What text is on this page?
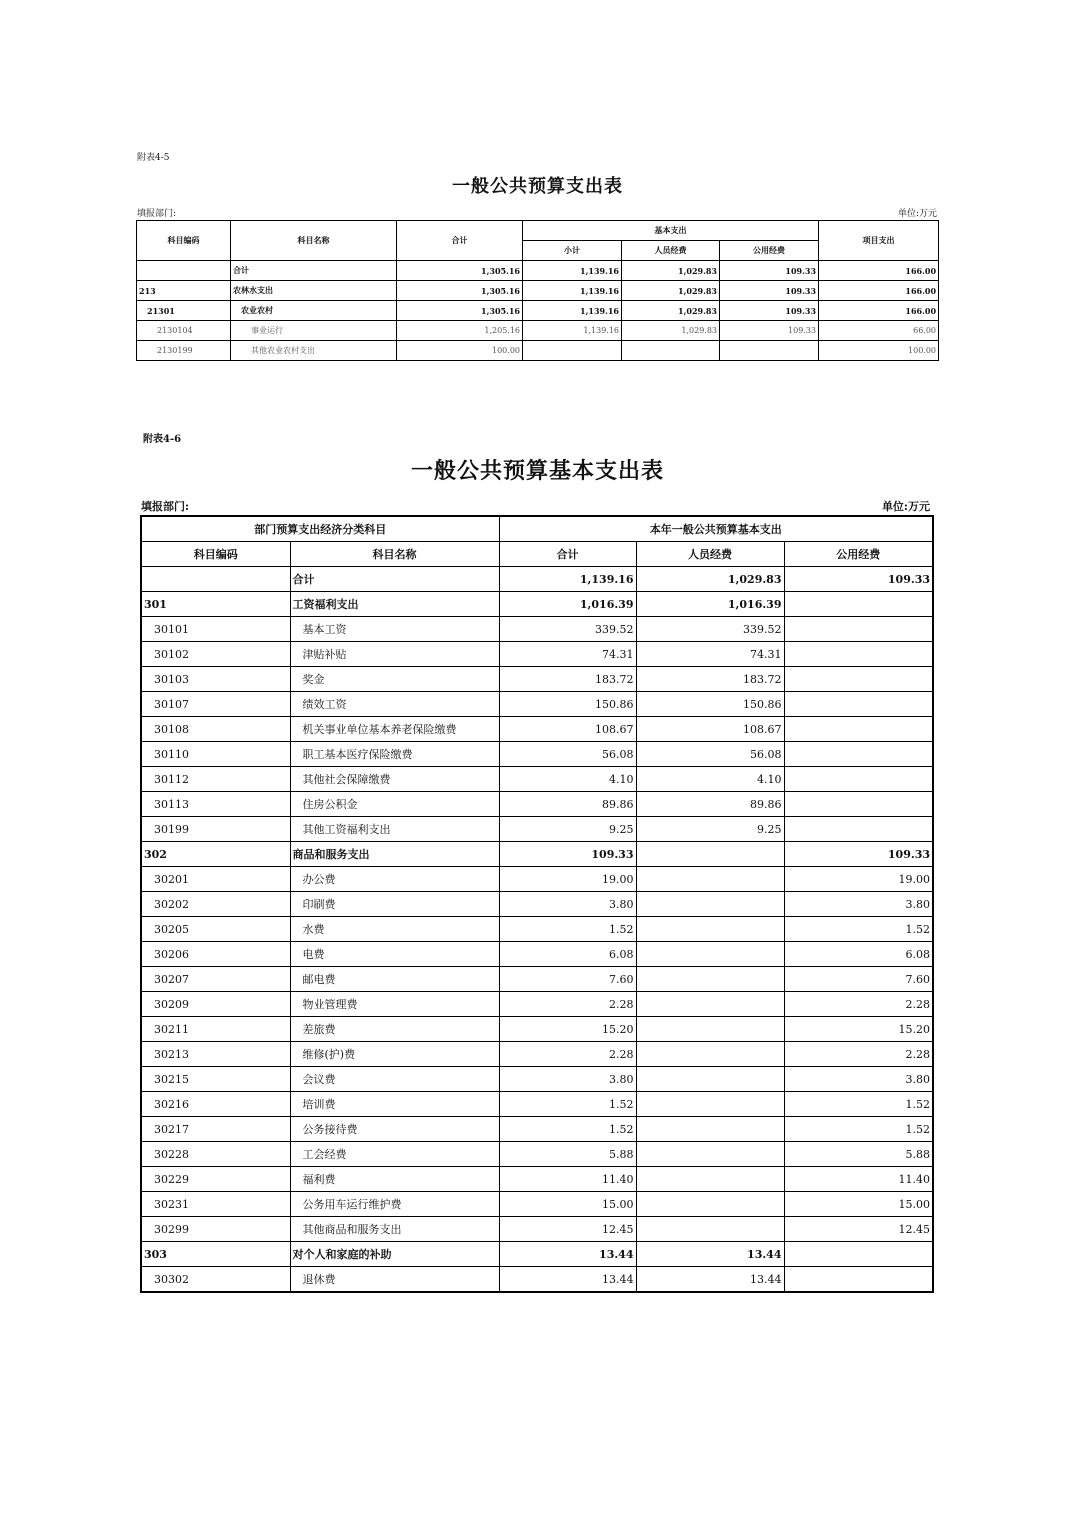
附表4-5
一般公共预算支出表
填报部门:	单位:万元
科目编码	科目名称	合计	基本支出			项目支出
			小计	人员经费	公用经费	
	合计	1,305.16	1,139.16	1,029.83	109.33	166.00
213	农林水支出	1,305.16	1,139.16	1,029.83	109.33	166.00
21301	农业农村	1,305.16	1,139.16	1,029.83	109.33	166.00
2130104	事业运行	1,205.16	1,139.16	1,029.83	109.33	66.00
2130199	其他农业农村支出	100.00				100.00
附表4-6
一般公共预算基本支出表
填报部门:	单位:万元
部门预算支出经济分类科目		本年一般公共预算基本支出		
科目编码	科目名称	合计	人员经费	公用经费
	合计	1,139.16	1,029.83	109.33
301	工资福利支出	1,016.39	1,016.39	
30101	基本工资	339.52	339.52	
30102	津贴补贴	74.31	74.31	
30103	奖金	183.72	183.72	
30107	绩效工资	150.86	150.86	
30108	机关事业单位基本养老保险缴费	108.67	108.67	
30110	职工基本医疗保险缴费	56.08	56.08	
30112	其他社会保障缴费	4.10	4.10	
30113	住房公积金	89.86	89.86	
30199	其他工资福利支出	9.25	9.25	
302	商品和服务支出	109.33		109.33
30201	办公费	19.00		19.00
30202	印刷费	3.80		3.80
30205	水费	1.52		1.52
30206	电费	6.08		6.08
30207	邮电费	7.60		7.60
30209	物业管理费	2.28		2.28
30211	差旅费	15.20		15.20
30213	维修(护)费	2.28		2.28
30215	会议费	3.80		3.80
30216	培训费	1.52		1.52
30217	公务接待费	1.52		1.52
30228	工会经费	5.88		5.88
30229	福利费	11.40		11.40
30231	公务用车运行维护费	15.00		15.00
30299	其他商品和服务支出	12.45		12.45
303	对个人和家庭的补助	13.44	13.44	
30302	退休费	13.44	13.44	
